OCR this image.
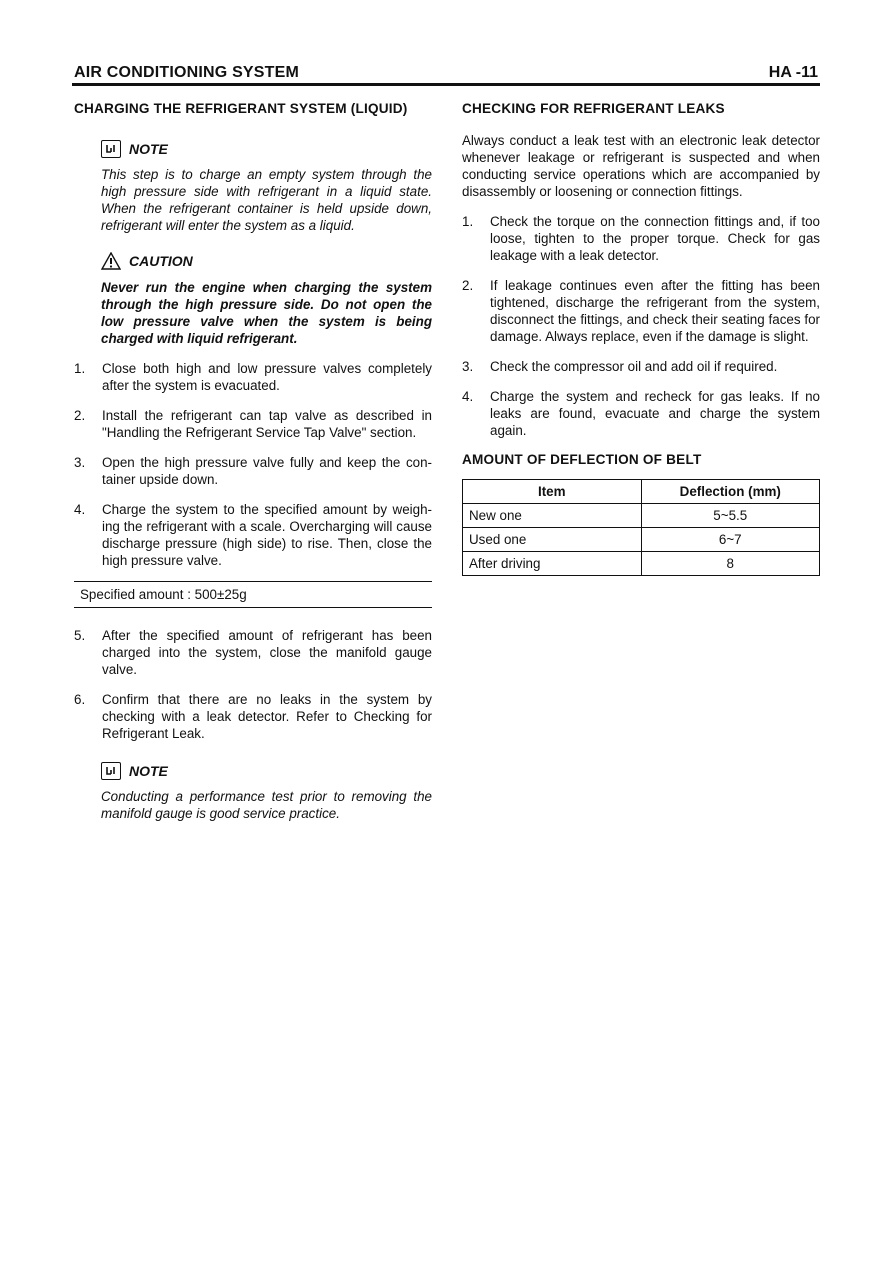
AIR CONDITIONING SYSTEM	HA -11
CHARGING THE REFRIGERANT SYSTEM (LIQUID)
NOTE
This step is to charge an empty system through the high pressure side with refrigerant in a liquid state. When the refrigerant container is held upside down, refrigerant will enter the system as a liquid.
CAUTION
Never run the engine when charging the system through the high pressure side. Do not open the low pressure valve when the system is being charged with liquid refrigerant.
1.	Close both high and low pressure valves completely after the system is evacuated.
2.	Install the refrigerant can tap valve as described in "Handling the Refrigerant Service Tap Valve" section.
3.	Open the high pressure valve fully and keep the con-tainer upside down.
4.	Charge the system to the specified amount by weigh-ing the refrigerant with a scale. Overcharging will cause discharge pressure (high side) to rise. Then, close the high pressure valve.
Specified amount : 500±25g
5.	After the specified amount of refrigerant has been charged into the system, close the manifold gauge valve.
6.	Confirm that there are no leaks in the system by checking with a leak detector. Refer to Checking for Refrigerant Leak.
NOTE
Conducting a performance test prior to removing the manifold gauge is good service practice.
CHECKING FOR REFRIGERANT LEAKS
Always conduct a leak test with an electronic leak detector whenever leakage or refrigerant is suspected and when conducting service operations which are accompanied by disassembly or loosening or connection fittings.
1.	Check the torque on the connection fittings and, if too loose, tighten to the proper torque. Check for gas leakage with a leak detector.
2.	If leakage continues even after the fitting has been tightened, discharge the refrigerant from the system, disconnect the fittings, and check their seating faces for damage. Always replace, even if the damage is slight.
3.	Check the compressor oil and add oil if required.
4.	Charge the system and recheck for gas leaks. If no leaks are found, evacuate and charge the system again.
AMOUNT OF DEFLECTION OF BELT
Item	Deflection (mm)
New one	5~5.5
Used one	6~7
After driving	8
